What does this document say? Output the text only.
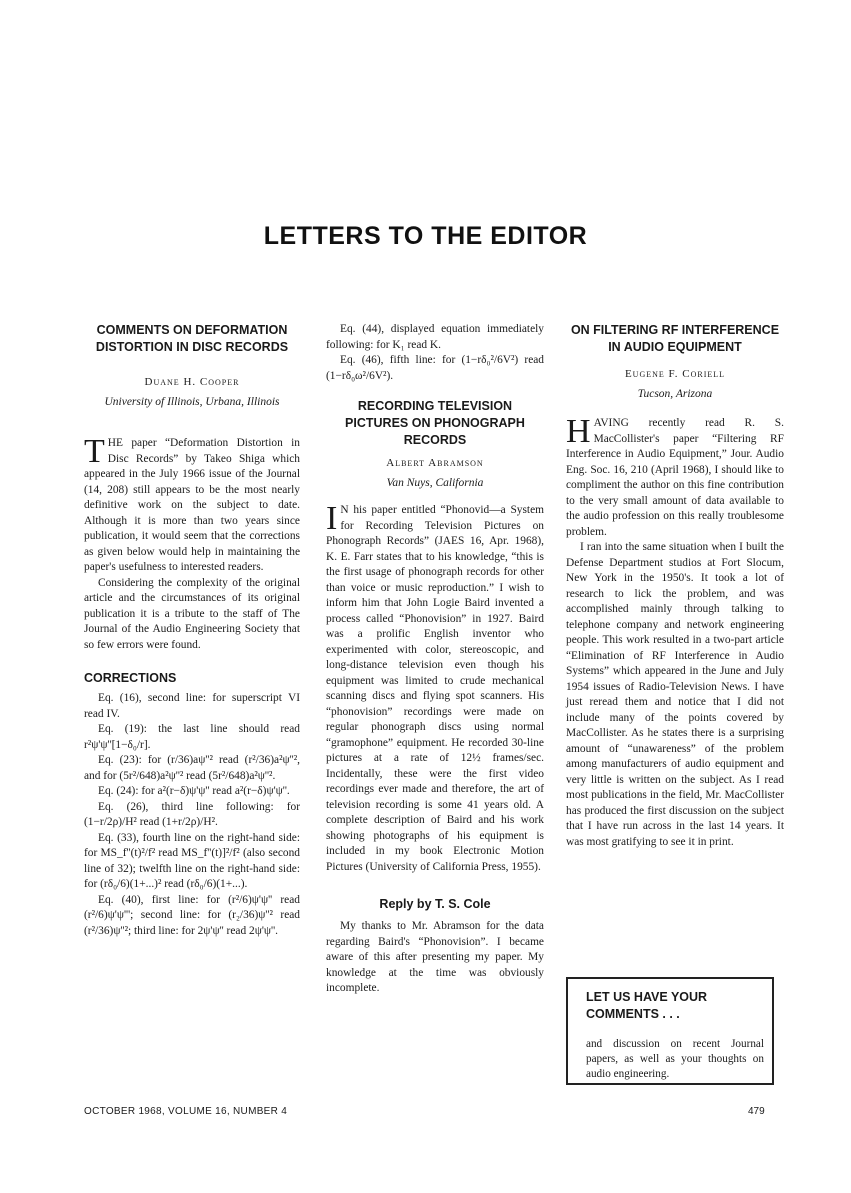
LETTERS TO THE EDITOR
COMMENTS ON DEFORMATION DISTORTION IN DISC RECORDS
Duane H. Cooper
University of Illinois, Urbana, Illinois

THE paper “Deformation Distortion in Disc Records” by Takeo Shiga which appeared in the July 1966 issue of the Journal (14, 208) still appears to be the most nearly definitive work on the subject to date. Although it is more than two years since publication, it would seem that the corrections as given below would help in maintaining the paper's usefulness to interested readers.

Considering the complexity of the original article and the circumstances of its original publication it is a tribute to the staff of The Journal of the Audio Engineering Society that so few errors were found.

CORRECTIONS

Eq. (16), second line: for superscript VI read IV.

Eq. (19): the last line should read r²ψ'ψ''[1−δ₀/r].

Eq. (23): for (r/36)aψ''² read (r²/36)a²ψ''², and for (5r²/648)a²ψ''² read (5r²/648)a²ψ''².

Eq. (24): for a²(r−δ)ψ'ψ'' read a²(r−δ)ψ'ψ''.

Eq. (26), third line following: for (1−r/2ρ)/H² read (1+r/2ρ)/H².

Eq. (33), fourth line on the right-hand side: for MS_f''(t)²/f² read MS_f''(t)]²/f² (also second line of 32); twelfth line on the right-hand side: for (rδ₀/6)(1+...)² read (rδ₀/6)(1+...).

Eq. (40), first line: for (r²/6)ψ'ψ'' read (r²/6)ψ'ψ'''; second line: for (r₂/36)ψ''² read (r²/36)ψ''²; third line: for 2ψ'ψ'' read 2ψ'ψ''.

Eq. (44), displayed equation immediately following: for K₁ read K.

Eq. (46), fifth line: for (1−rδ₀²/6V²) read (1−rδ₀ω²/6V²).

RECORDING TELEVISION PICTURES ON PHONOGRAPH RECORDS
Albert Abramson
Van Nuys, California

I N his paper entitled “Phonovid—a System for Recording Television Pictures on Phonograph Records” (JAES 16, Apr. 1968), K. E. Farr states that to his knowledge, “this is the first usage of phonograph records for other than voice or music reproduction.” I wish to inform him that John Logie Baird invented a process called “Phonovision” in 1927. Baird was a prolific English inventor who experimented with color, stereoscopic, and long-distance television even though his equipment was limited to crude mechanical scanning discs and flying spot scanners. His “phonovision” recordings were made on regular phonograph discs using normal “gramophone” equipment. He recorded 30-line pictures at a rate of 12½ frames/sec. Incidentally, these were the first video recordings ever made and therefore, the art of television recording is some 41 years old. A complete description of Baird and his work showing photographs of his equipment is included in my book Electronic Motion Pictures (University of California Press, 1955).

Reply by T. S. Cole

My thanks to Mr. Abramson for the data regarding Baird's “Phonovision”. I became aware of this after presenting my paper. My knowledge at the time was obviously incomplete.

ON FILTERING RF INTERFERENCE IN AUDIO EQUIPMENT
Eugene F. Coriell
Tucson, Arizona

HAVING recently read R. S. MacCollister's paper “Filtering RF Interference in Audio Equipment,” Jour. Audio Eng. Soc. 16, 210 (April 1968), I should like to compliment the author on this fine contribution to the very small amount of data available to the audio profession on this really troublesome problem.

I ran into the same situation when I built the Defense Department studios at Fort Slocum, New York in the 1950's. It took a lot of research to lick the problem, and was accomplished mainly through talking to telephone company and network engineering people. This work resulted in a two-part article “Elimination of RF Interference in Audio Systems” which appeared in the June and July 1954 issues of Radio-Television News. I have just reread them and notice that I did not include many of the points covered by MacCollister. As he states there is a surprising amount of “unawareness” of the problem among manufacturers of audio equipment and very little is written on the subject. As I read most publications in the field, Mr. MacCollister has produced the first discussion on the subject that I have run across in the last 14 years. It was most gratifying to see it in print.

LET US HAVE YOUR COMMENTS . . .

and discussion on recent Journal papers, as well as your thoughts on audio engineering.

OCTOBER 1968, VOLUME 16, NUMBER 4	479
